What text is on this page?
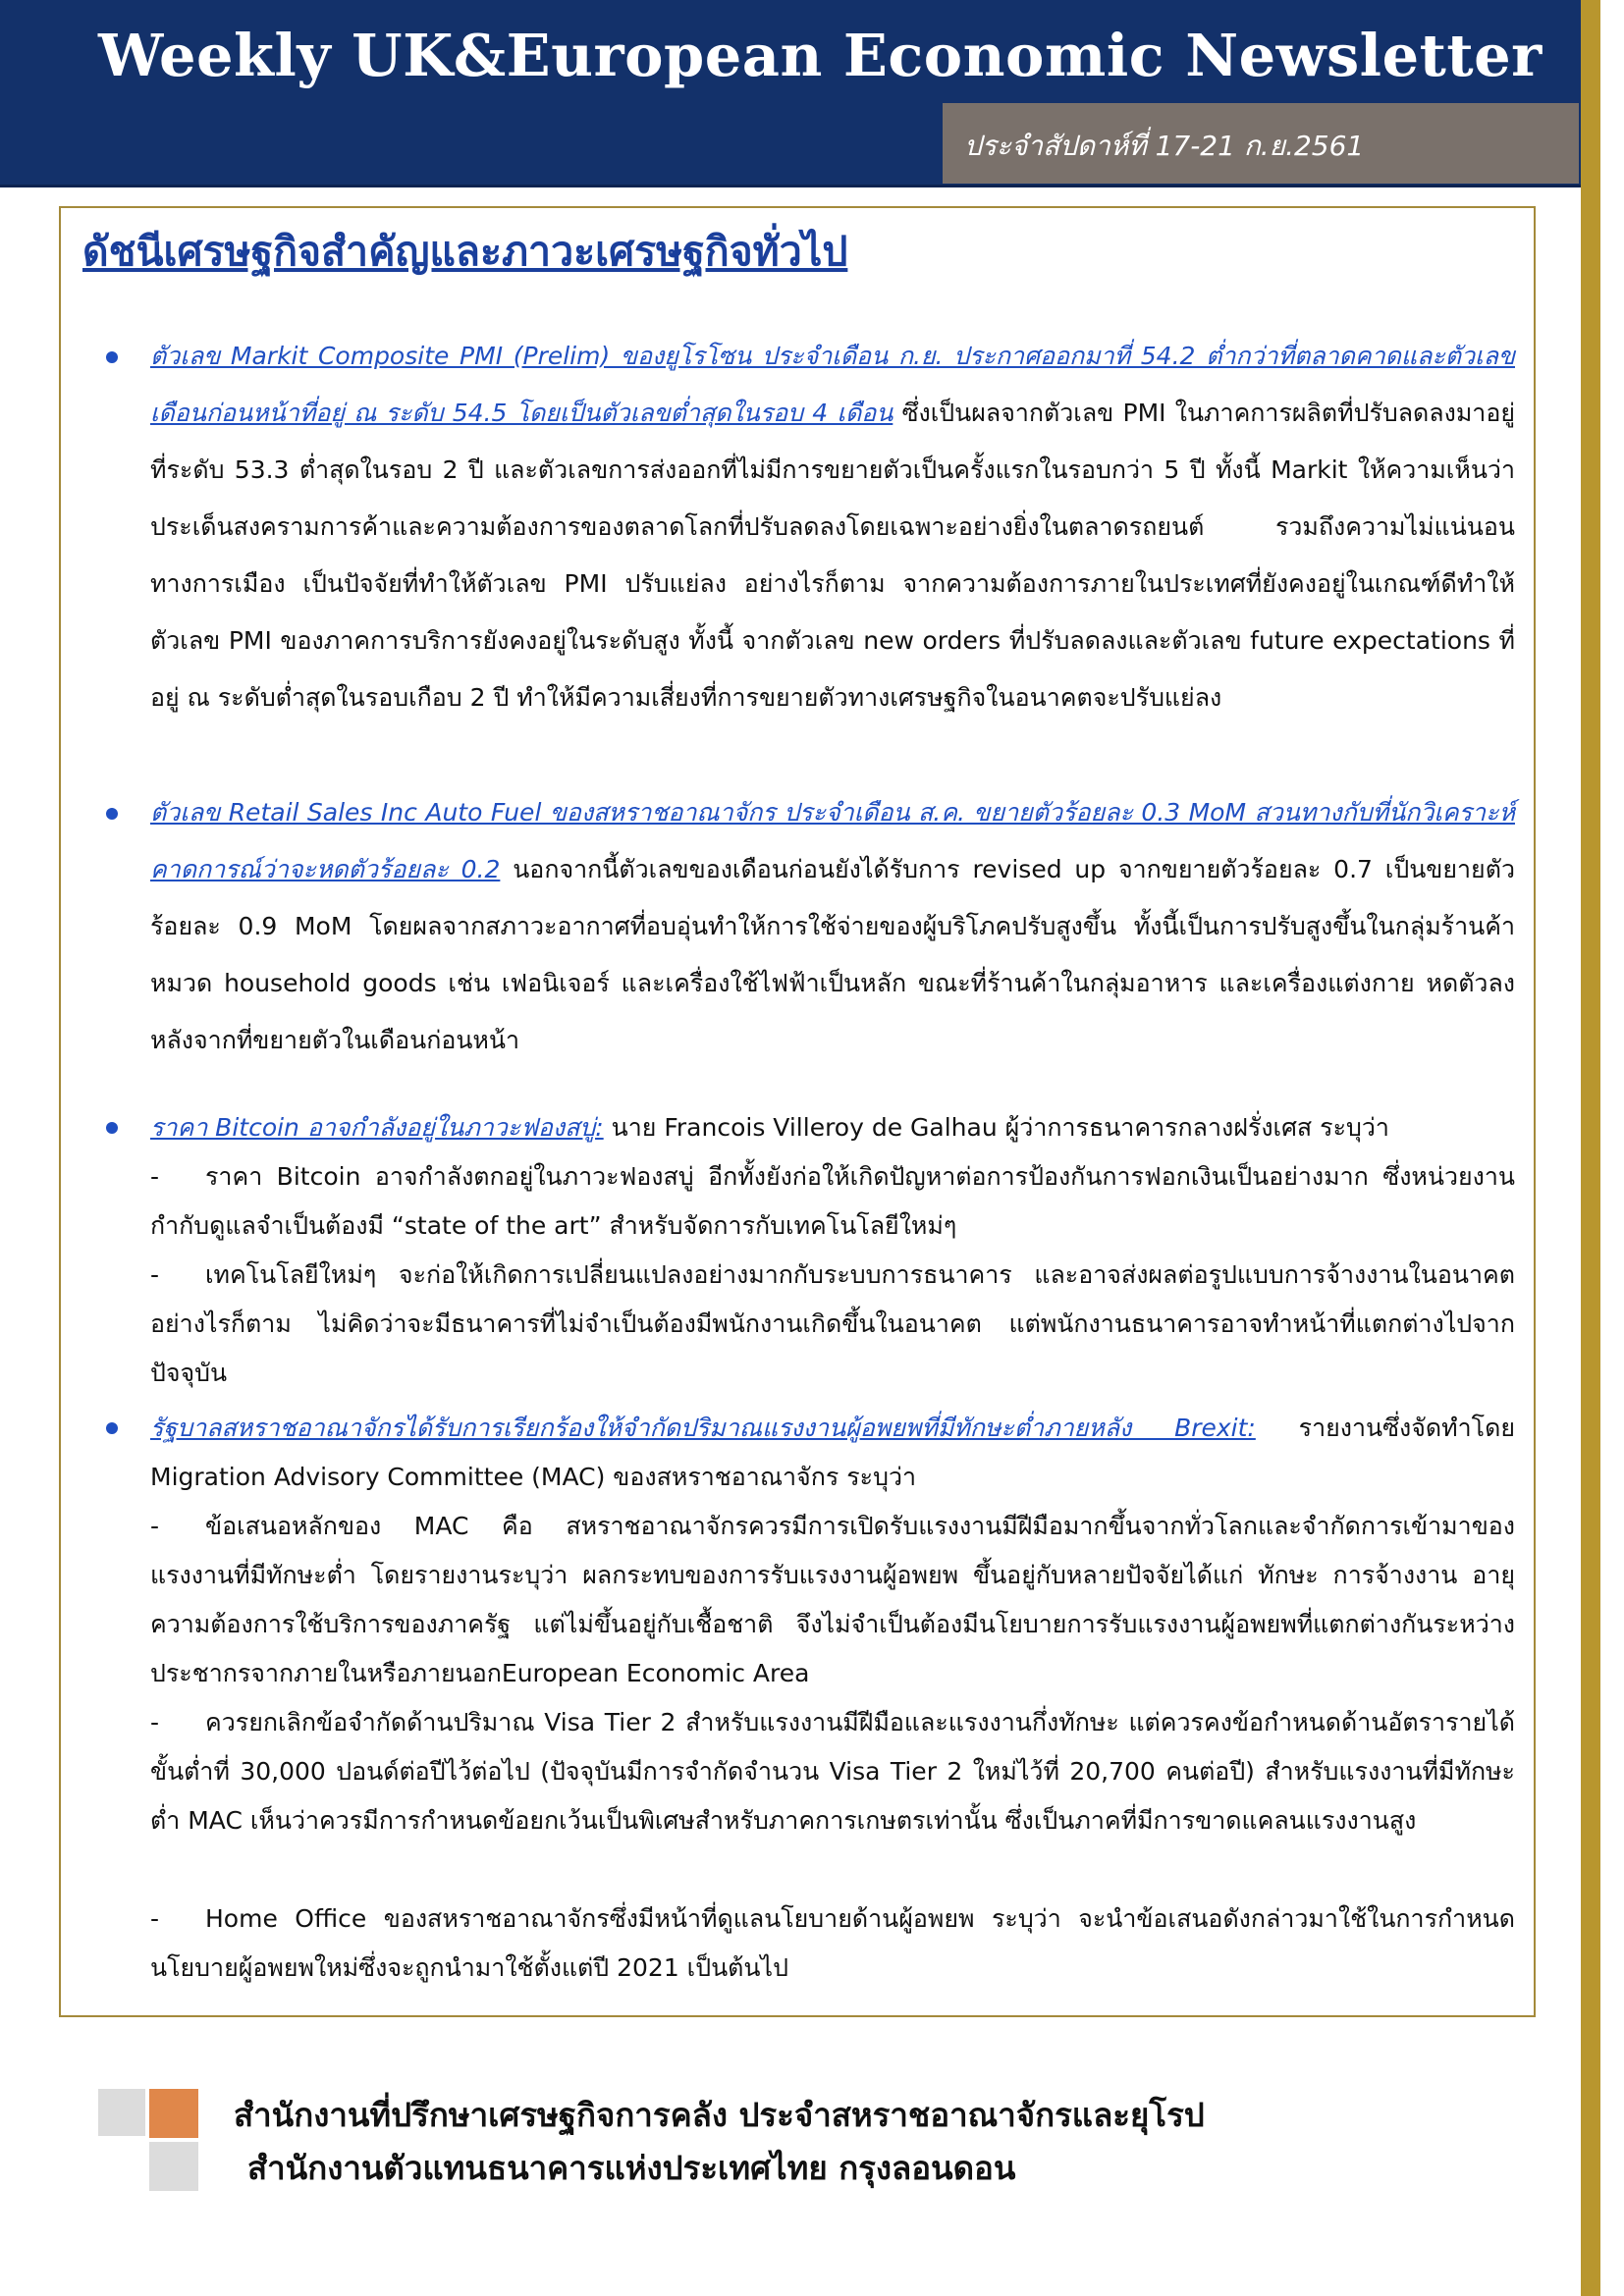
Weekly UK&European Economic Newsletter
ประจำสัปดาห์ที่ 17-21 ก.ย.2561
ดัชนีเศรษฐกิจสำคัญและภาวะเศรษฐกิจทั่วไป
ตัวเลข Markit Composite PMI (Prelim) ของยูโรโซน ประจำเดือน ก.ย. ประกาศออกมาที่ 54.2 ต่ำกว่าที่ตลาดคาดและตัวเลขเดือนก่อนหน้าที่อยู่ ณ ระดับ 54.5 โดยเป็นตัวเลขต่ำสุดในรอบ 4 เดือน ซึ่งเป็นผลจากตัวเลข PMI ในภาคการผลิตที่ปรับลดลงมาอยู่ที่ระดับ 53.3 ต่ำสุดในรอบ 2 ปี และตัวเลขการส่งออกที่ไม่มีการขยายตัวเป็นครั้งแรกในรอบกว่า 5 ปี ทั้งนี้ Markit ให้ความเห็นว่า ประเด็นสงครามการค้าและความต้องการของตลาดโลกที่ปรับลดลงโดยเฉพาะอย่างยิ่งในตลาดรถยนต์ รวมถึงความไม่แน่นอนทางการเมือง เป็นปัจจัยที่ทำให้ตัวเลข PMI ปรับแย่ลง อย่างไรก็ตาม จากความต้องการภายในประเทศที่ยังคงอยู่ในเกณฑ์ดีทำให้ตัวเลข PMI ของภาคการบริการยังคงอยู่ในระดับสูง ทั้งนี้ จากตัวเลข new orders ที่ปรับลดลงและตัวเลข future expectations ที่อยู่ ณ ระดับต่ำสุดในรอบเกือบ 2 ปี ทำให้มีความเสี่ยงที่การขยายตัวทางเศรษฐกิจในอนาคตจะปรับแย่ลง
ตัวเลข Retail Sales Inc Auto Fuel ของสหราชอาณาจักร ประจำเดือน ส.ค. ขยายตัวร้อยละ 0.3 MoM สวนทางกับที่นักวิเคราะห์คาดการณ์ว่าจะหดตัวร้อยละ 0.2 นอกจากนี้ตัวเลขของเดือนก่อนยังได้รับการ revised up จากขยายตัวร้อยละ 0.7 เป็นขยายตัวร้อยละ 0.9 MoM โดยผลจากสภาวะอากาศที่อบอุ่นทำให้การใช้จ่ายของผู้บริโภคปรับสูงขึ้น ทั้งนี้เป็นการปรับสูงขึ้นในกลุ่มร้านค้าหมวด household goods เช่น เฟอนิเจอร์ และเครื่องใช้ไฟฟ้าเป็นหลัก ขณะที่ร้านค้าในกลุ่มอาหาร และเครื่องแต่งกาย หดตัวลงหลังจากที่ขยายตัวในเดือนก่อนหน้า
ราคา Bitcoin อาจกำลังอยู่ในภาวะฟองสบู่: นาย Francois Villeroy de Galhau ผู้ว่าการธนาคารกลางฝรั่งเศส ระบุว่า
- ราคา Bitcoin อาจกำลังตกอยู่ในภาวะฟองสบู่ อีกทั้งยังก่อให้เกิดปัญหาต่อการป้องกันการฟอกเงินเป็นอย่างมาก ซึ่งหน่วยงานกำกับดูแลจำเป็นต้องมี “state of the art” สำหรับจัดการกับเทคโนโลยีใหม่ๆ
- เทคโนโลยีใหม่ๆ จะก่อให้เกิดการเปลี่ยนแปลงอย่างมากกับระบบการธนาคาร และอาจส่งผลต่อรูปแบบการจ้างงานในอนาคต อย่างไรก็ตาม ไม่คิดว่าจะมีธนาคารที่ไม่จำเป็นต้องมีพนักงานเกิดขึ้นในอนาคต แต่พนักงานธนาคารอาจทำหน้าที่แตกต่างไปจากปัจจุบัน
รัฐบาลสหราชอาณาจักรได้รับการเรียกร้องให้จำกัดปริมาณแรงงานผู้อพยพที่มีทักษะต่ำภายหลัง Brexit: รายงานซึ่งจัดทำโดย Migration Advisory Committee (MAC) ของสหราชอาณาจักร ระบุว่า
- ข้อเสนอหลักของ MAC คือ สหราชอาณาจักรควรมีการเปิดรับแรงงานมีฝีมือมากขึ้นจากทั่วโลกและจำกัดการเข้ามาของแรงงานที่มีทักษะต่ำ โดยรายงานระบุว่า ผลกระทบของการรับแรงงานผู้อพยพ ขึ้นอยู่กับหลายปัจจัยได้แก่ ทักษะ การจ้างงาน อายุ ความต้องการใช้บริการของภาครัฐ แต่ไม่ขึ้นอยู่กับเชื้อชาติ จึงไม่จำเป็นต้องมีนโยบายการรับแรงงานผู้อพยพที่แตกต่างกันระหว่างประชากรจากภายในหรือภายนอกEuropean Economic Area
- ควรยกเลิกข้อจำกัดด้านปริมาณ Visa Tier 2 สำหรับแรงงานมีฝีมือและแรงงานกึ่งทักษะ แต่ควรคงข้อกำหนดด้านอัตรารายได้ขั้นต่ำที่ 30,000 ปอนด์ต่อปีไว้ต่อไป (ปัจจุบันมีการจำกัดจำนวน Visa Tier 2 ใหม่ไว้ที่ 20,700 คนต่อปี) สำหรับแรงงานที่มีทักษะต่ำ MAC เห็นว่าควรมีการกำหนดข้อยกเว้นเป็นพิเศษสำหรับภาคการเกษตรเท่านั้น ซึ่งเป็นภาคที่มีการขาดแคลนแรงงานสูง
- Home Office ของสหราชอาณาจักรซึ่งมีหน้าที่ดูแลนโยบายด้านผู้อพยพ ระบุว่า จะนำข้อเสนอดังกล่าวมาใช้ในการกำหนดนโยบายผู้อพยพใหม่ซึ่งจะถูกนำมาใช้ตั้งแต่ปี 2021 เป็นต้นไป
สำนักงานที่ปรึกษาเศรษฐกิจการคลัง ประจำสหราชอาณาจักรและยุโรป
สำนักงานตัวแทนธนาคารแห่งประเทศไทย กรุงลอนดอน
